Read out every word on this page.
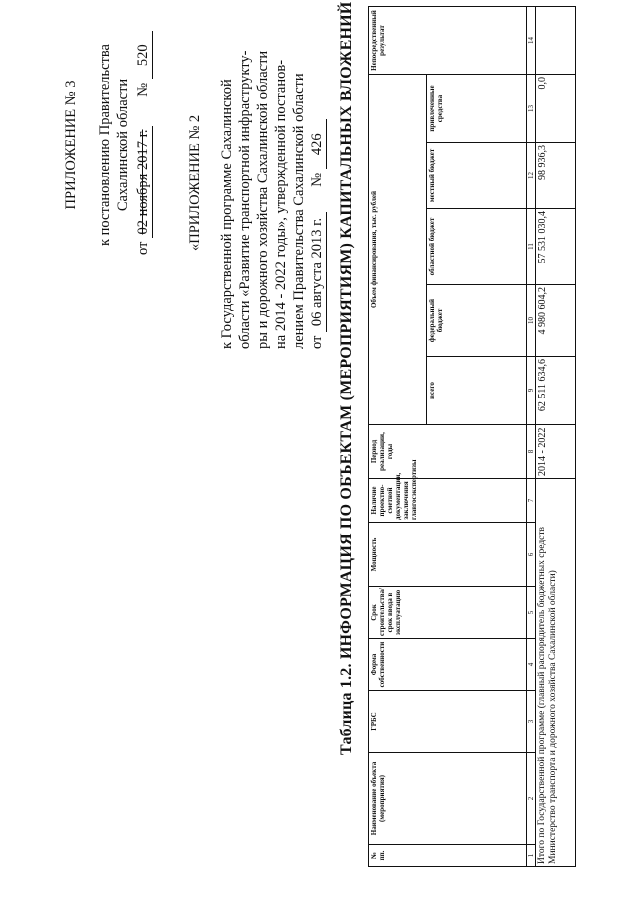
ПРИЛОЖЕНИЕ № 3 к постановлению Правительства Сахалинской области
от 02 ноября 2017 г.  № 520
«ПРИЛОЖЕНИЕ № 2 к Государственной программе Сахалинской области «Развитие транспортной инфраструкту- ры и дорожного хозяйства Сахалинской области на 2014 - 2022 годы», утвержденной постанов- лением Правительства Сахалинской области от 06 августа 2013 г.  № 426 Таблица 1.2. ИНФОРМАЦИЯ ПО ОБЪЕКТАМ (МЕРОПРИЯТИЯМ) КАПИТАЛЬНЫХ ВЛОЖЕНИЙ
№ пп.	Наименование объекта (мероприятия)	ГРБС	Форма собственности	Срок строительства/срок ввода в эксплуатацию	Мощность	Наличие проектно-сметной документации, заключения главгосэкспертизы	Период реализации, годы	Объем финансирования, тыс. рублей					Непосредственный результат
								всего	федеральный бюджет	областной бюджет	местный бюджет	привлеченные средства	
1	2	3	4	5	6	7	8	9	10	11	12	13	14
Итого по Государственной программе (главный распорядитель бюджетных средств Министерство транспорта и дорожного хозяйства Сахалинской области)							2014 - 2022	62 511 634,6	4 980 604,2	57 531 030,4	98 936,3	0,0	
